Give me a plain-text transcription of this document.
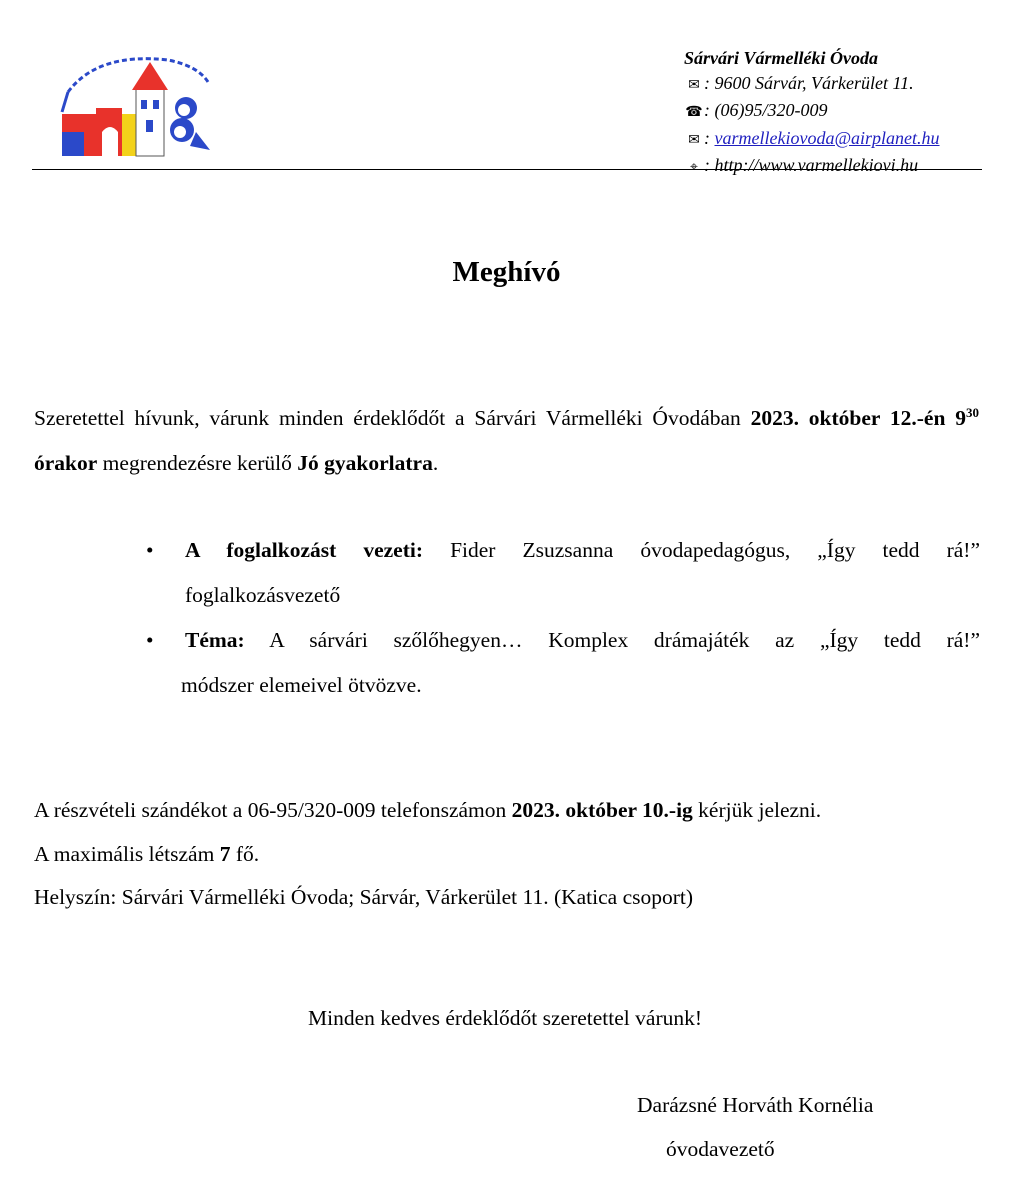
Sárvári Vármelléki Óvoda
✉ : 9600 Sárvár, Várkerület 11.
☎: (06)95/320-009
✉ : varmellekiovoda@airplanet.hu
⌖ : http://www.varmellekiovi.hu
Meghívó
Szeretettel hívunk, várunk minden érdeklődőt a Sárvári Vármelléki Óvodában 2023. október 12.-én $9^{30}$ órakor megrendezésre kerülő Jó gyakorlatra.
• A foglalkozást vezeti: Fider Zsuzsanna óvodapedagógus, „Így tedd rá!”
foglalkozásvezető
• Téma: A sárvári szőlőhegyen… Komplex drámajáték az „Így tedd rá!”
módszer elemeivel ötvözve.
A részvételi szándékot a 06-95/320-009 telefonszámon 2023. október 10.-ig kérjük jelezni.
A maximális létszám 7 fő.
Helyszín: Sárvári Vármelléki Óvoda; Sárvár, Várkerület 11. (Katica csoport)
Minden kedves érdeklődőt szeretettel várunk!
Darázsné Horváth Kornélia
óvodavezető
